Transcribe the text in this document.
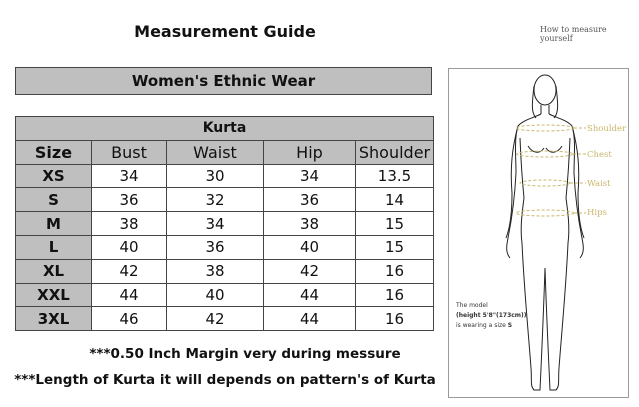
Measurement Guide
Women's Ethnic Wear
Kurta				
Size	Bust	Waist	Hip	Shoulder
XS	34	30	34	13.5
S	36	32	36	14
M	38	34	38	15
L	40	36	40	15
XL	42	38	42	16
XXL	44	40	44	16
3XL	46	42	44	16
***0.50 Inch Margin very during messure
***Length of Kurta it will depends on pattern's of Kurta
How to measure
yourself
Shoulder
Chest
Waist
Hips
The model
(height 5'8"(173cm))
is wearing a size S
